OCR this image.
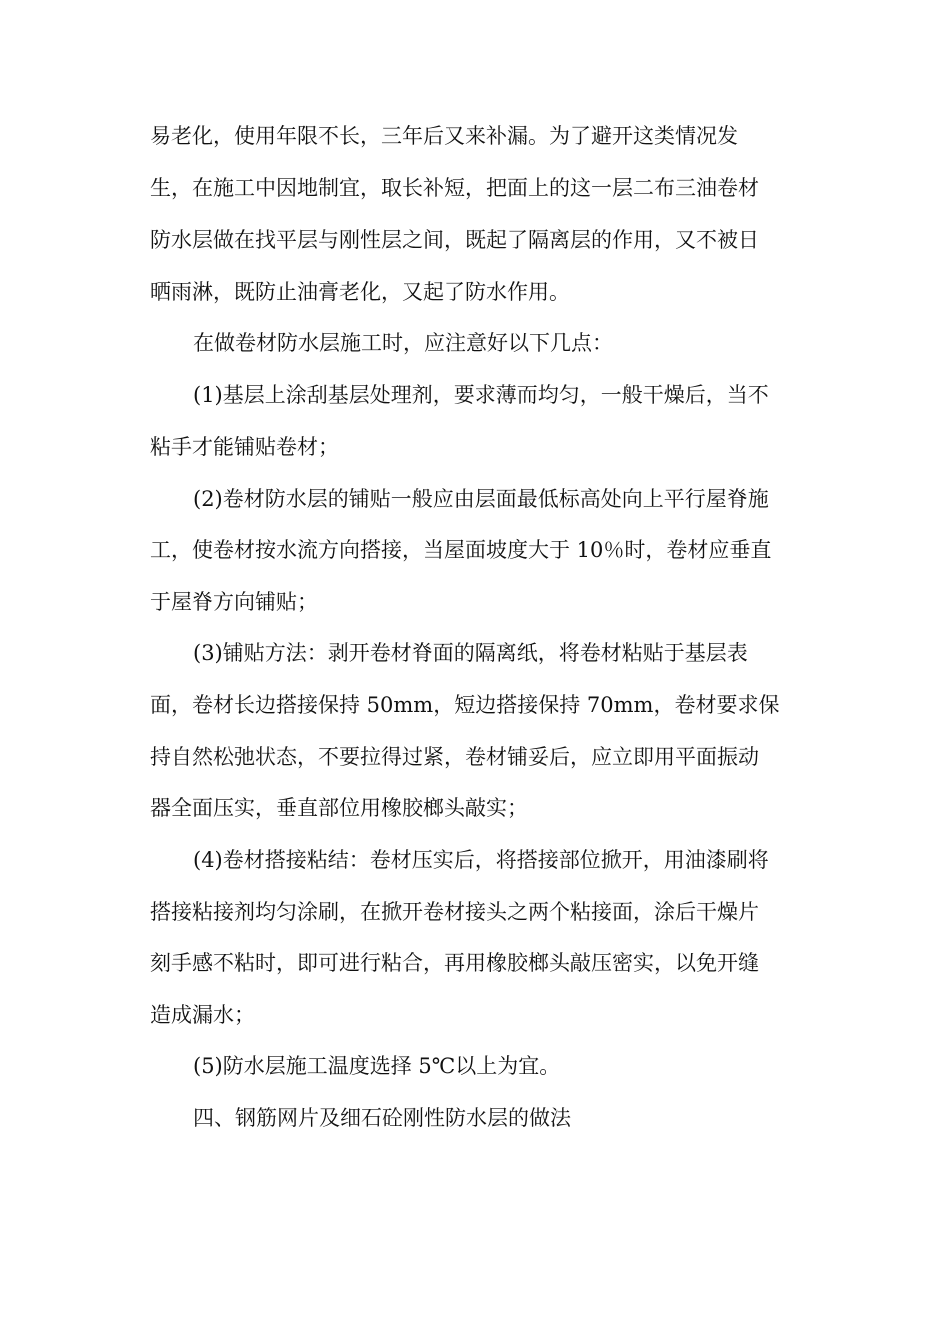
易老化，使用年限不长，三年后又来补漏。为了避开这类情况发
生，在施工中因地制宜，取长补短，把面上的这一层二布三油卷材
防水层做在找平层与刚性层之间，既起了隔离层的作用，又不被日
晒雨淋，既防止油膏老化，又起了防水作用。
在做卷材防水层施工时，应注意好以下几点：
(1)基层上涂刮基层处理剂，要求薄而均匀，一般干燥后，当不
粘手才能铺贴卷材；
(2)卷材防水层的铺贴一般应由层面最低标高处向上平行屋脊施
工，使卷材按水流方向搭接，当屋面坡度大于 10％时，卷材应垂直
于屋脊方向铺贴；
(3)铺贴方法：剥开卷材脊面的隔离纸，将卷材粘贴于基层表
面，卷材长边搭接保持 50mm，短边搭接保持 70mm，卷材要求保
持自然松弛状态，不要拉得过紧，卷材铺妥后，应立即用平面振动
器全面压实，垂直部位用橡胶榔头敲实；
(4)卷材搭接粘结：卷材压实后，将搭接部位掀开，用油漆刷将
搭接粘接剂均匀涂刷，在掀开卷材接头之两个粘接面，涂后干燥片
刻手感不粘时，即可进行粘合，再用橡胶榔头敲压密实，以免开缝
造成漏水；
(5)防水层施工温度选择 5℃以上为宜。
四、钢筋网片及细石砼刚性防水层的做法
